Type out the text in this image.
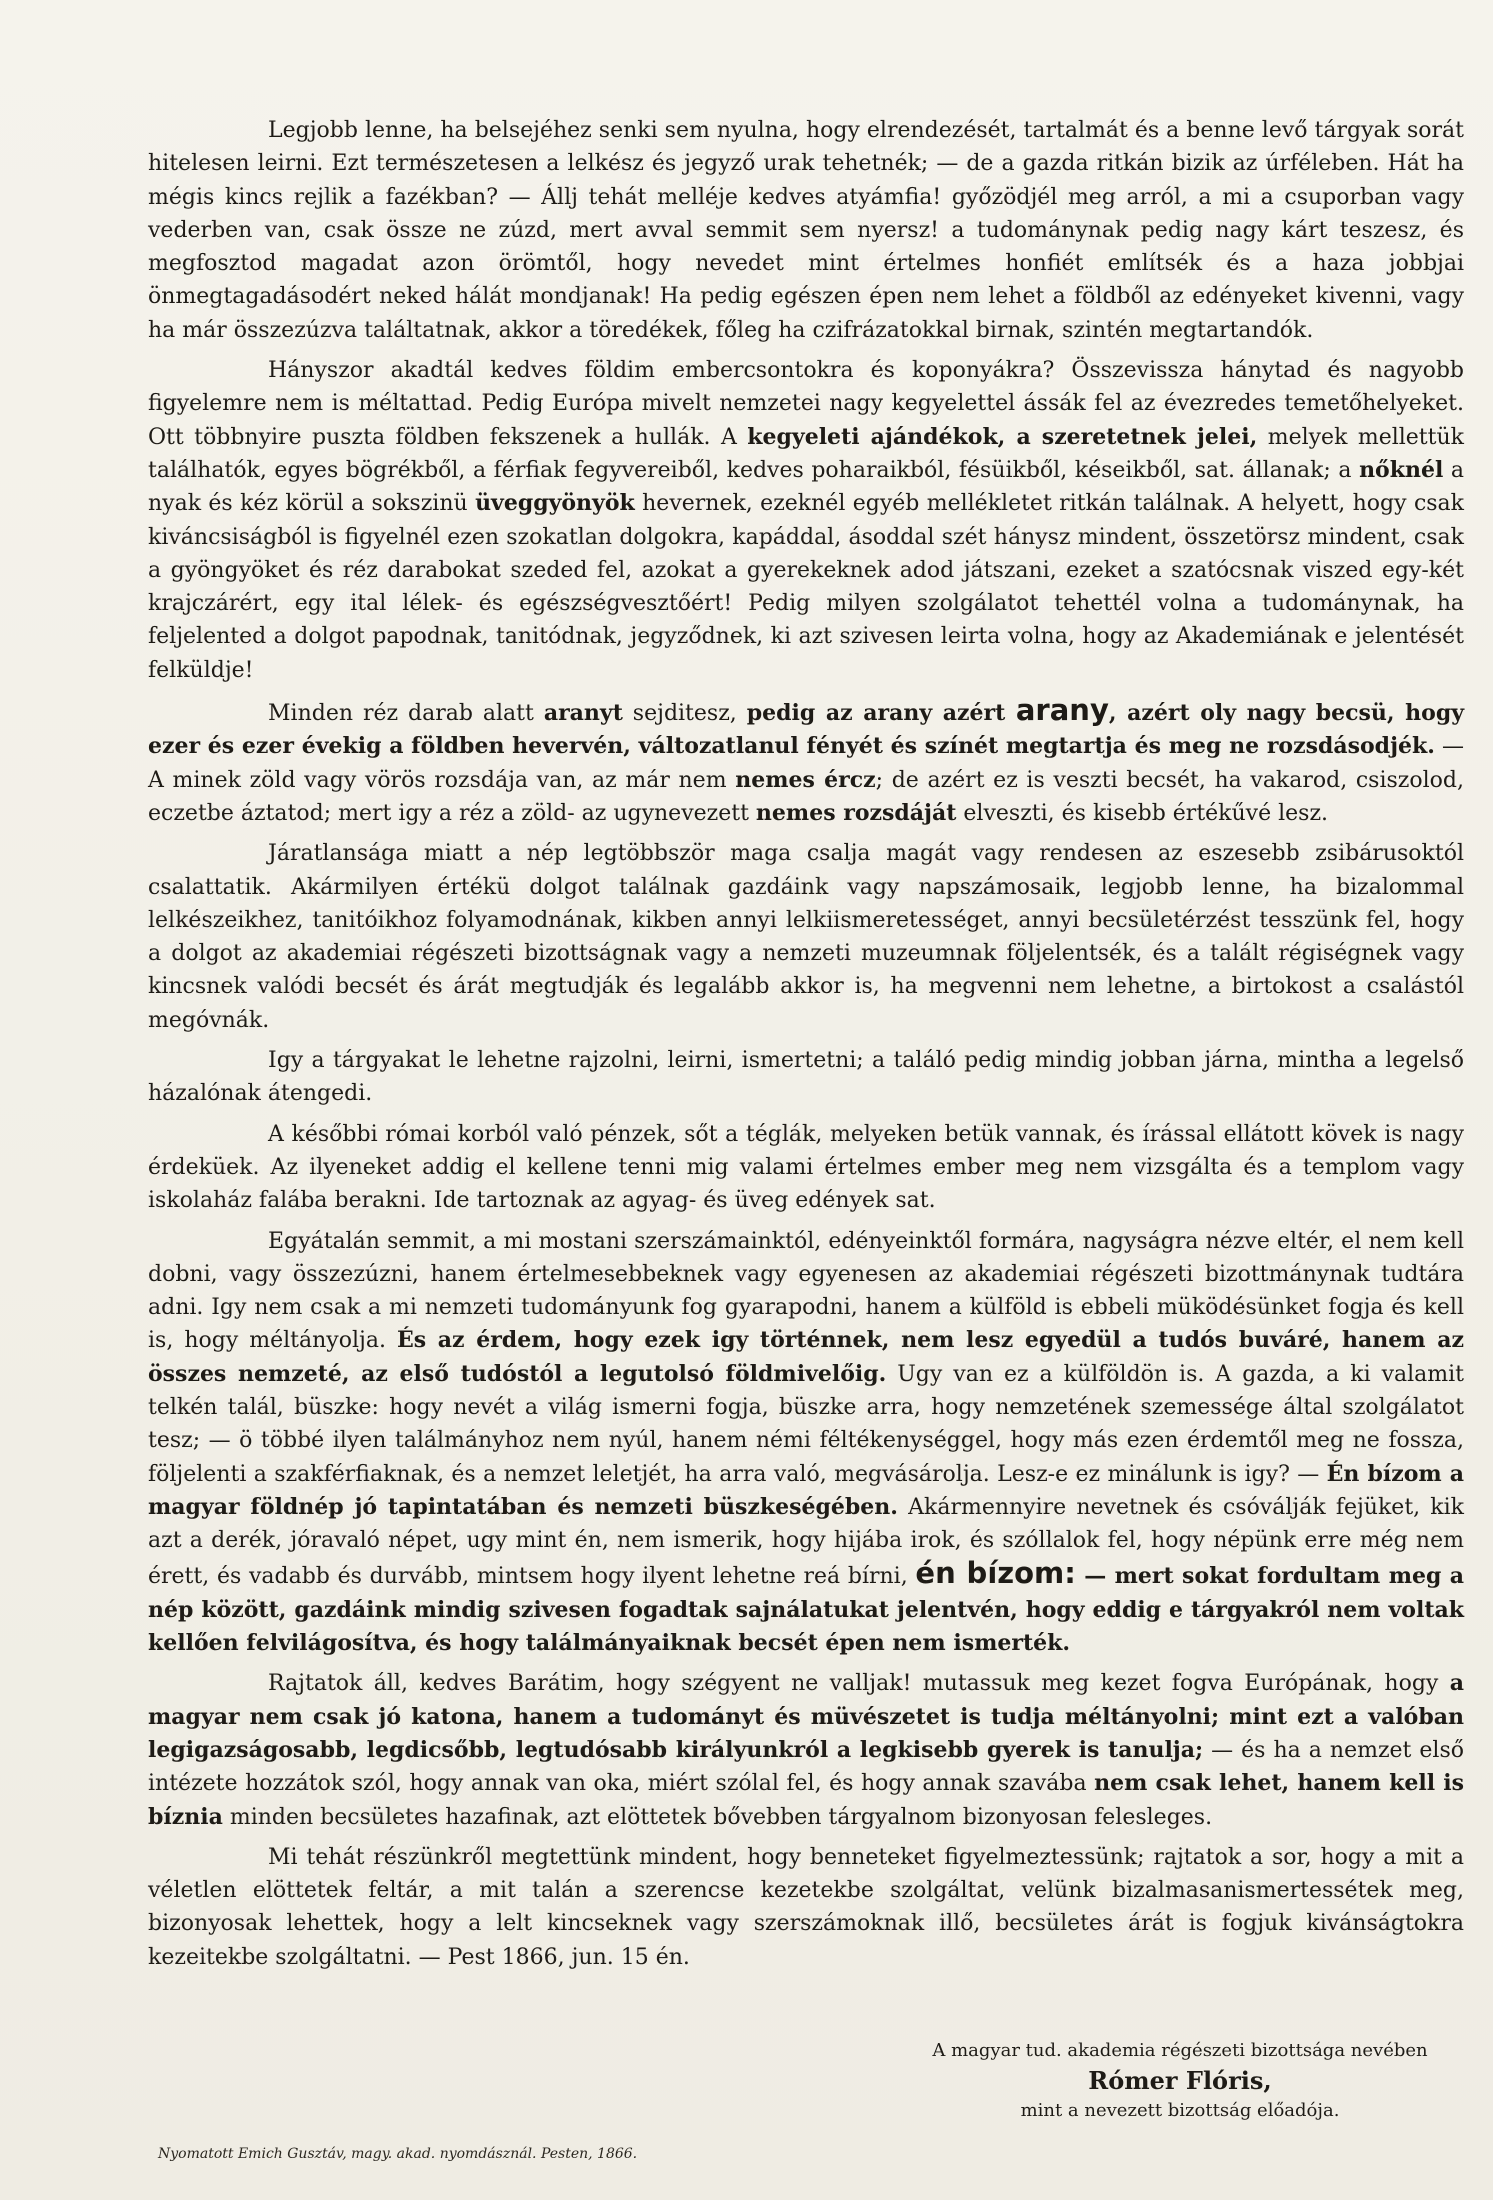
Legjobb lenne, ha belsejéhez senki sem nyulna, hogy elrendezését, tartalmát és a benne levő tárgyak sorát hitelesen leirni. Ezt természetesen a lelkész és jegyző urak tehetnék; — de a gazda ritkán bizik az úrféleben. Hát ha mégis kincs rejlik a fazékban? — Állj tehát melléje kedves atyámfia! győzödjél meg arról, a mi a csuporban vagy vederben van, csak össze ne zúzd, mert avval semmit sem nyersz! a tudománynak pedig nagy kárt teszesz, és megfosztod magadat azon örömtől, hogy nevedet mint értelmes honfiét említsék és a haza jobbjai önmegtagadásodért neked hálát mondjanak! Ha pedig egészen épen nem lehet a földből az edényeket kivenni, vagy ha már összezúzva találtatnak, akkor a töredékek, főleg ha czifrázatokkal birnak, szintén megtartandók.

Hányszor akadtál kedves földim embercsontokra és koponyákra? Összevissza hánytad és nagyobb figyelemre nem is méltattad. Pedig Európa mivelt nemzetei nagy kegyelettel ássák fel az évezredes temetőhelyeket. Ott többnyire puszta földben fekszenek a hullák. A kegyeleti ajándékok, a szeretetnek jelei, melyek mellettük találhatók, egyes bögrékből, a férfiak fegyvereiből, kedves poharaikból, fésüikből, késeikből, sat. állanak; a nőknél a nyak és kéz körül a sokszinü üveggyönyök hevernek, ezeknél egyéb mellékletet ritkán találnak. A helyett, hogy csak kiváncsiságból is figyelnél ezen szokatlan dolgokra, kapáddal, ásoddal szét hánysz mindent, összetörsz mindent, csak a gyöngyöket és réz darabokat szeded fel, azokat a gyerekeknek adod játszani, ezeket a szatócsnak viszed egy-két krajczárért, egy ital lélek- és egészségvesztőért! Pedig milyen szolgálatot tehettél volna a tudománynak, ha feljelented a dolgot papodnak, tanitódnak, jegyződnek, ki azt szivesen leirta volna, hogy az Akademiának e jelentését felküldje!

Minden réz darab alatt aranyt sejditesz, pedig az arany azért arany, azért oly nagy becsü, hogy ezer és ezer évekig a földben hevervén, változatlanul fényét és színét megtartja és meg ne rozsdásodjék. — A minek zöld vagy vörös rozsdája van, az már nem nemes ércz; de azért ez is veszti becsét, ha vakarod, csiszolod, eczetbe áztatod; mert igy a réz a zöld- az ugynevezett nemes rozsdáját elveszti, és kisebb értékűvé lesz.

Járatlansága miatt a nép legtöbbször maga csalja magát vagy rendesen az eszesebb zsibárusoktól csalattatik. Akármilyen értékü dolgot találnak gazdáink vagy napszámosaik, legjobb lenne, ha bizalommal lelkészeikhez, tanitóikhoz folyamodnának, kikben annyi lelkiismeretességet, annyi becsületérzést tesszünk fel, hogy a dolgot az akademiai régészeti bizottságnak vagy a nemzeti muzeumnak följelentsék, és a talált régiségnek vagy kincsnek valódi becsét és árát megtudják és legalább akkor is, ha megvenni nem lehetne, a birtokost a csalástól megóvnák.

Igy a tárgyakat le lehetne rajzolni, leirni, ismertetni; a találó pedig mindig jobban járna, mintha a legelső házalónak átengedi.

A későbbi római korból való pénzek, sőt a téglák, melyeken betük vannak, és írással ellátott kövek is nagy érdeküek. Az ilyeneket addig el kellene tenni mig valami értelmes ember meg nem vizsgálta és a templom vagy iskolaház falába berakni. Ide tartoznak az agyag- és üveg edények sat.

Egyátalán semmit, a mi mostani szerszámainktól, edényeinktől formára, nagyságra nézve eltér, el nem kell dobni, vagy összezúzni, hanem értelmesebbeknek vagy egyenesen az akademiai régészeti bizottmánynak tudtára adni. Igy nem csak a mi nemzeti tudományunk fog gyarapodni, hanem a külföld is ebbeli müködésünket fogja és kell is, hogy méltányolja. És az érdem, hogy ezek igy történnek, nem lesz egyedül a tudós buváré, hanem az összes nemzeté, az első tudóstól a legutolsó földmivelőig. Ugy van ez a külföldön is. A gazda, a ki valamit telkén talál, büszke: hogy nevét a világ ismerni fogja, büszke arra, hogy nemzetének szemessége által szolgálatot tesz; — ö többé ilyen találmányhoz nem nyúl, hanem némi féltékenységgel, hogy más ezen érdemtől meg ne fossza, följelenti a szakférfiaknak, és a nemzet leletjét, ha arra való, megvásárolja. Lesz-e ez minálunk is igy? — Én bízom a magyar földnép jó tapintatában és nemzeti büszkeségében. Akármennyire nevetnek és csóválják fejüket, kik azt a derék, jóravaló népet, ugy mint én, nem ismerik, hogy hijába irok, és szóllalok fel, hogy népünk erre még nem érett, és vadabb és durvább, mintsem hogy ilyent lehetne reá bírni, én bízom: — mert sokat fordultam meg a nép között, gazdáink mindig szivesen fogadtak sajnálatukat jelentvén, hogy eddig e tárgyakról nem voltak kellően felvilágosítva, és hogy találmányaiknak becsét épen nem ismerték.

Rajtatok áll, kedves Barátim, hogy szégyent ne valljak! mutassuk meg kezet fogva Európának, hogy a magyar nem csak jó katona, hanem a tudományt és müvészetet is tudja méltányolni; mint ezt a valóban legigazságosabb, legdicsőbb, legtudósabb királyunkról a legkisebb gyerek is tanulja; — és ha a nemzet első intézete hozzátok szól, hogy annak van oka, miért szólal fel, és hogy annak szavába nem csak lehet, hanem kell is bíznia minden becsületes hazafinak, azt elöttetek bővebben tárgyalnom bizonyosan felesleges.

Mi tehát részünkről megtettünk mindent, hogy benneteket figyelmeztessünk; rajtatok a sor, hogy a mit a véletlen elöttetek feltár, a mit talán a szerencse kezetekbe szolgáltat, velünk bizalmasanismertessétek meg, bizonyosak lehettek, hogy a lelt kincseknek vagy szerszámoknak illő, becsületes árát is fogjuk kivánságtokra kezeitekbe szolgáltatni. — Pest 1866, jun. 15 én.

A magyar tud. akademia régészeti bizottsága nevében
Rómer Flóris,
mint a nevezett bizottság előadója.
Nyomatott Emich Gusztáv, magy. akad. nyomdásznál. Pesten, 1866.
